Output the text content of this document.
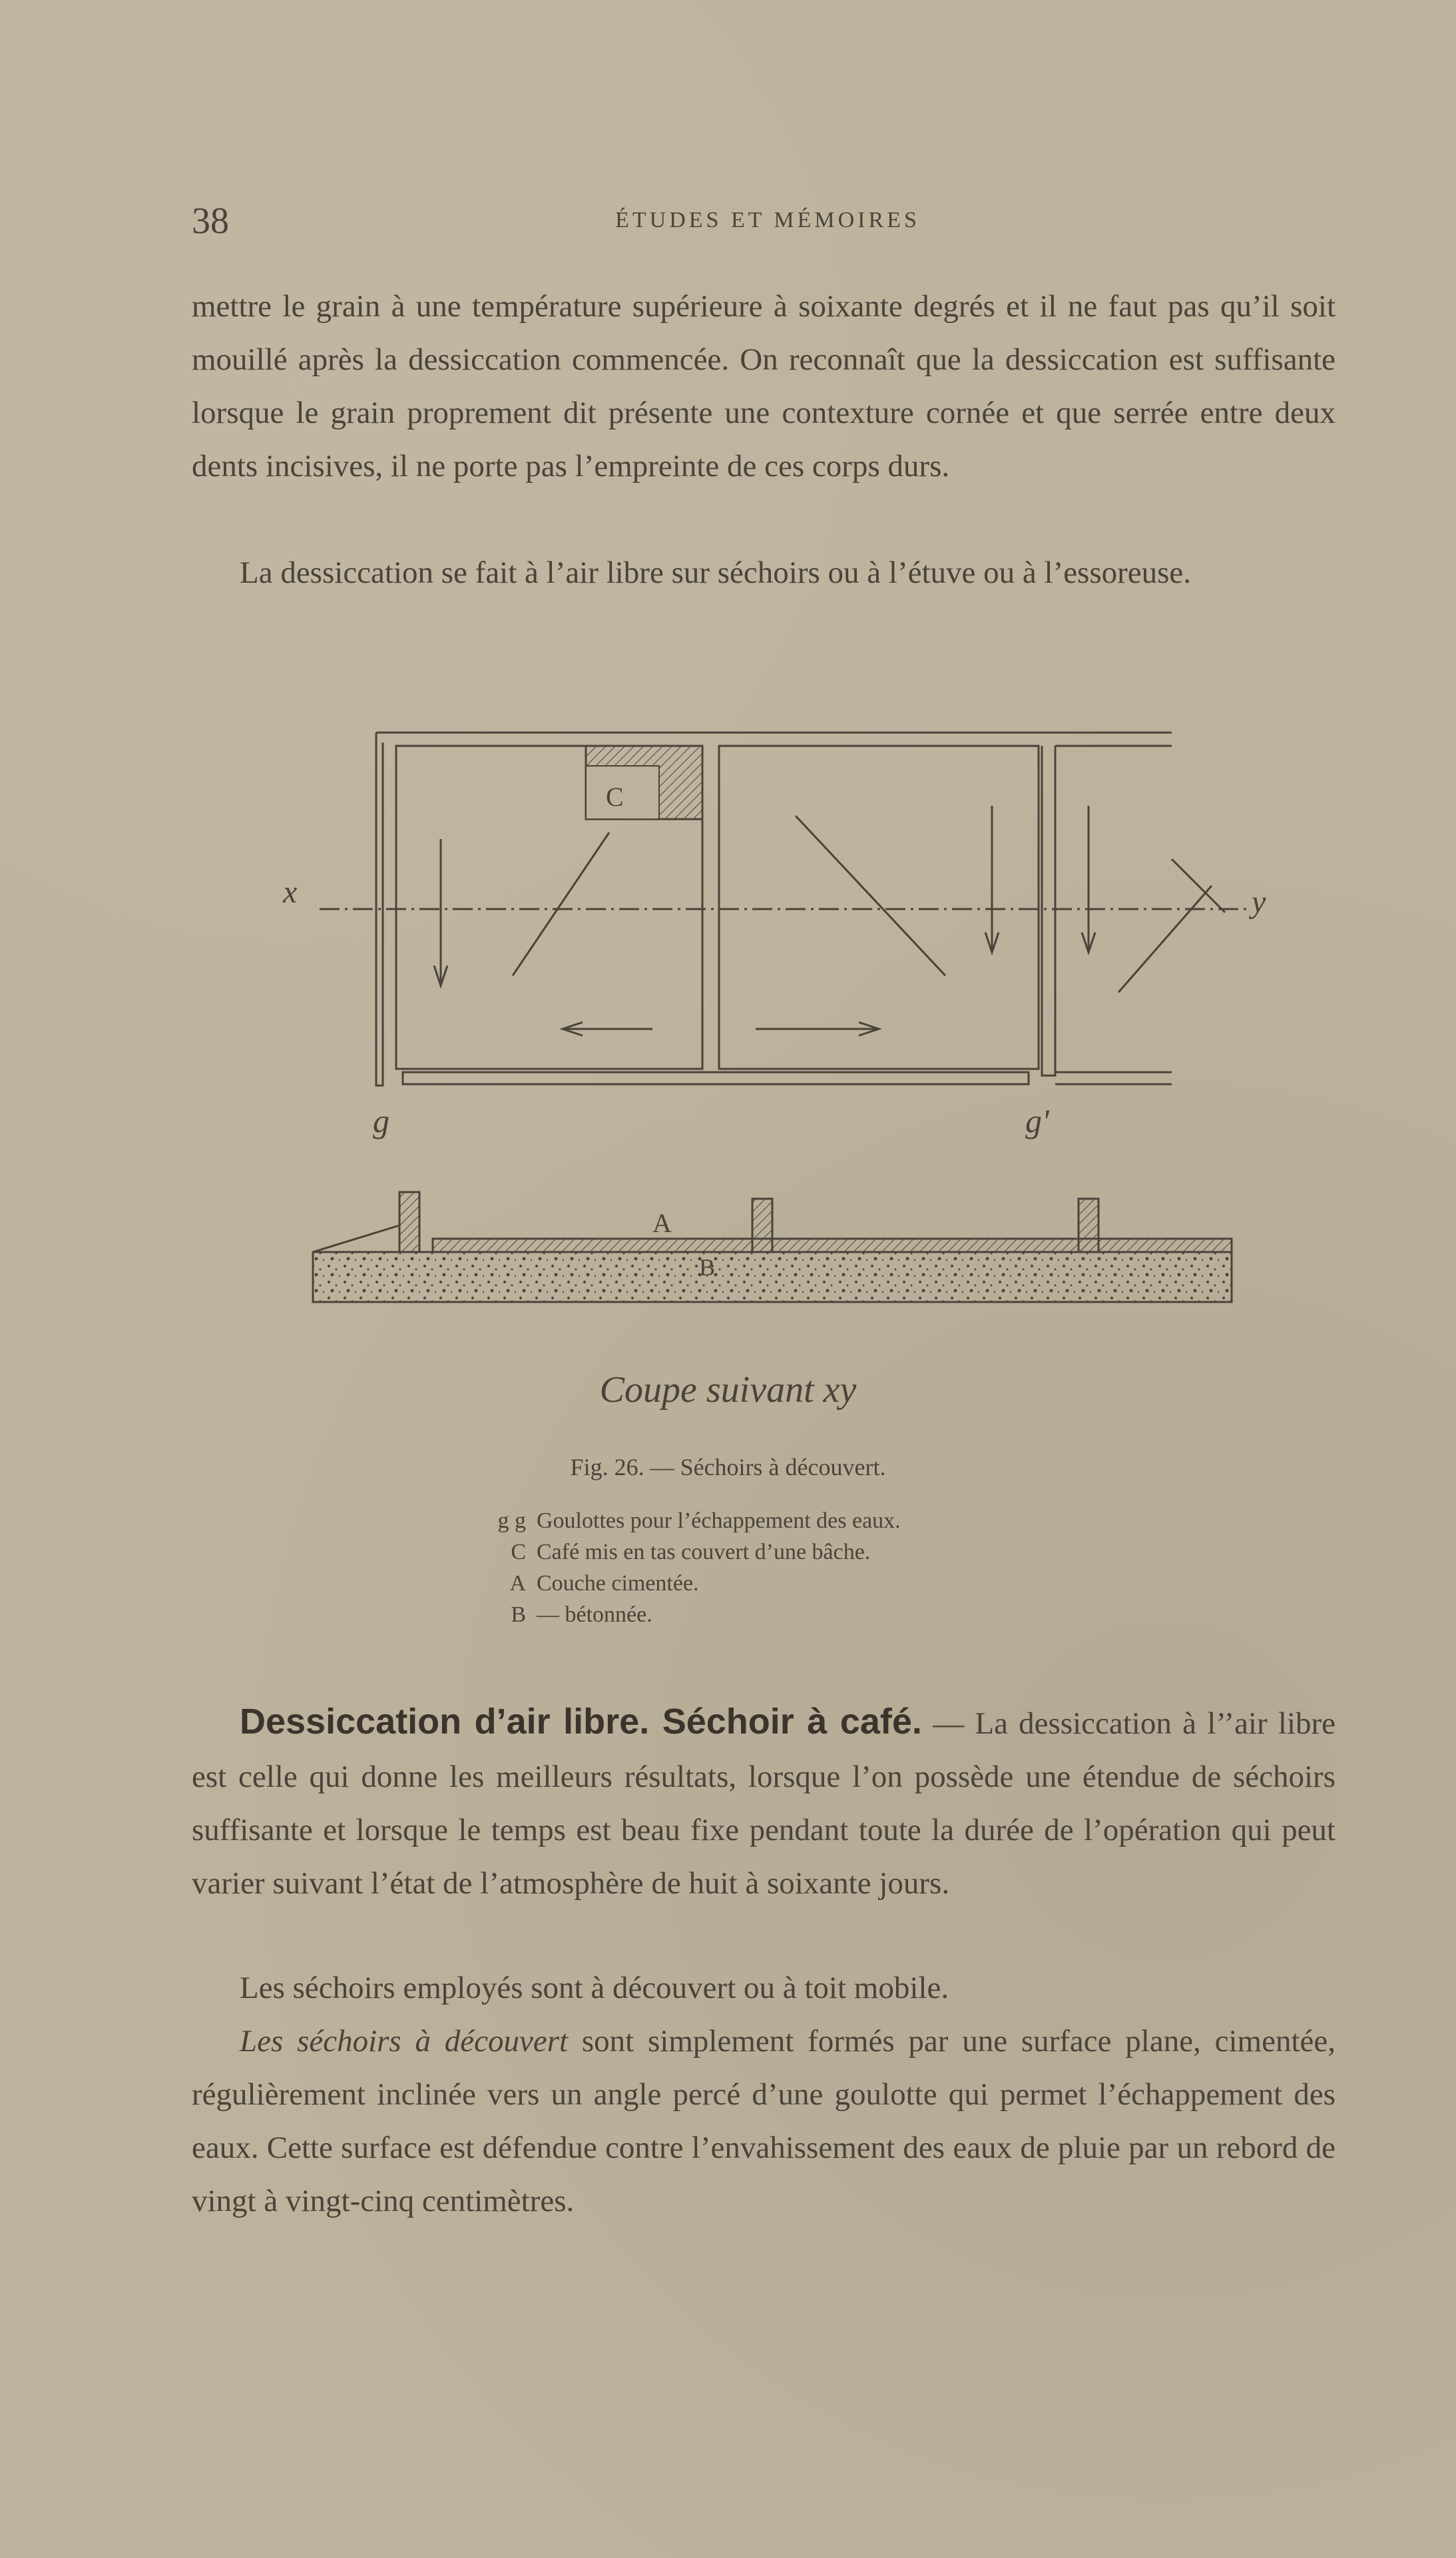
38	ÉTUDES ET MÉMOIRES

mettre le grain à une température supérieure à soixante degrés et il ne faut pas qu’il soit mouillé après la dessiccation commencée. On reconnaît que la dessiccation est suffisante lorsque le grain proprement dit présente une contexture cornée et que serrée entre deux dents incisives, il ne porte pas l’empreinte de ces corps durs.

La dessiccation se fait à l’air libre sur séchoirs ou à l’étuve ou à l’essoreuse.

C
x	y
g	g'
A
B
Coupe suivant xy
Fig. 26. — Séchoirs à découvert.
g g Goulottes pour l’échappement des eaux.
C Café mis en tas couvert d’une bâche.
A Couche cimentée.
B — bétonnée.

Dessiccation d’air libre. Séchoir à café. — La dessiccation à l’’air libre est celle qui donne les meilleurs résultats, lorsque l’on possède une étendue de séchoirs suffisante et lorsque le temps est beau fixe pendant toute la durée de l’opération qui peut varier suivant l’état de l’atmosphère de huit à soixante jours.

Les séchoirs employés sont à découvert ou à toit mobile.

Les séchoirs à découvert sont simplement formés par une surface plane, cimentée, régulièrement inclinée vers un angle percé d’une goulotte qui permet l’échappement des eaux. Cette surface est défendue contre l’envahissement des eaux de pluie par un rebord de vingt à vingt-cinq centimètres.
